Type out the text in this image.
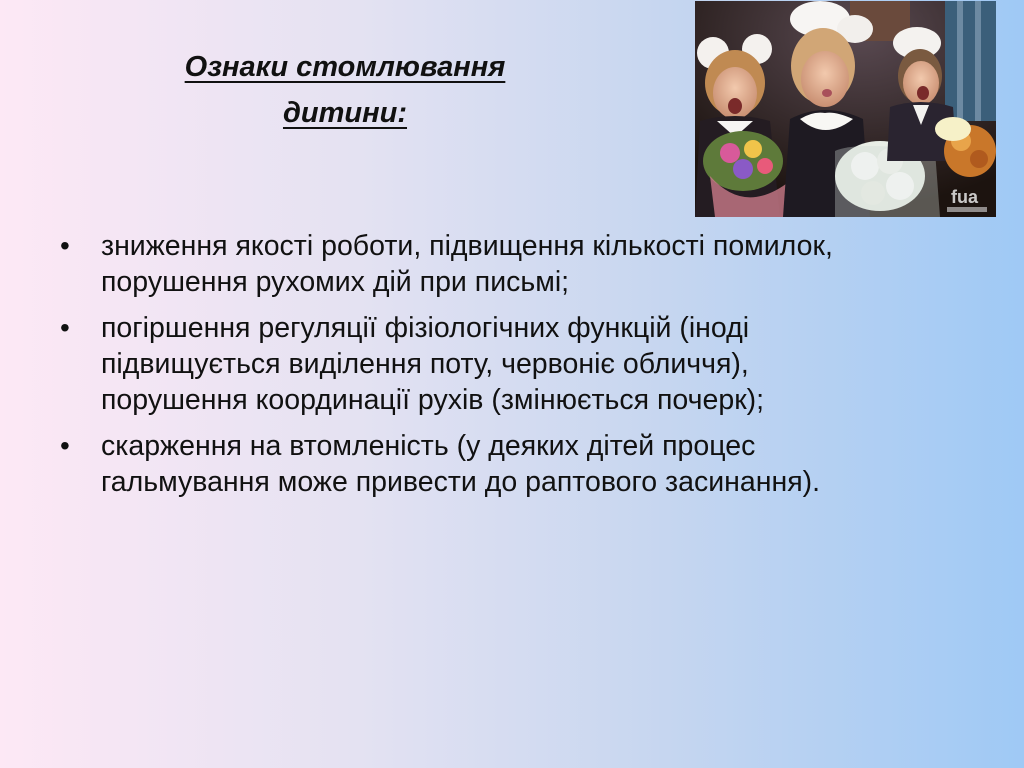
Ознаки стомлювання
дитини:
fua
• зниження якості роботи, підвищення кількості помилок, порушення рухомих дій при письмі;
• погіршення регуляції фізіологічних функцій (іноді підвищується виділення поту, червоніє обличчя), порушення координації рухів (змінюється почерк);
• скарження на втомленість (у деяких дітей процес гальмування може привести до раптового засинання).
